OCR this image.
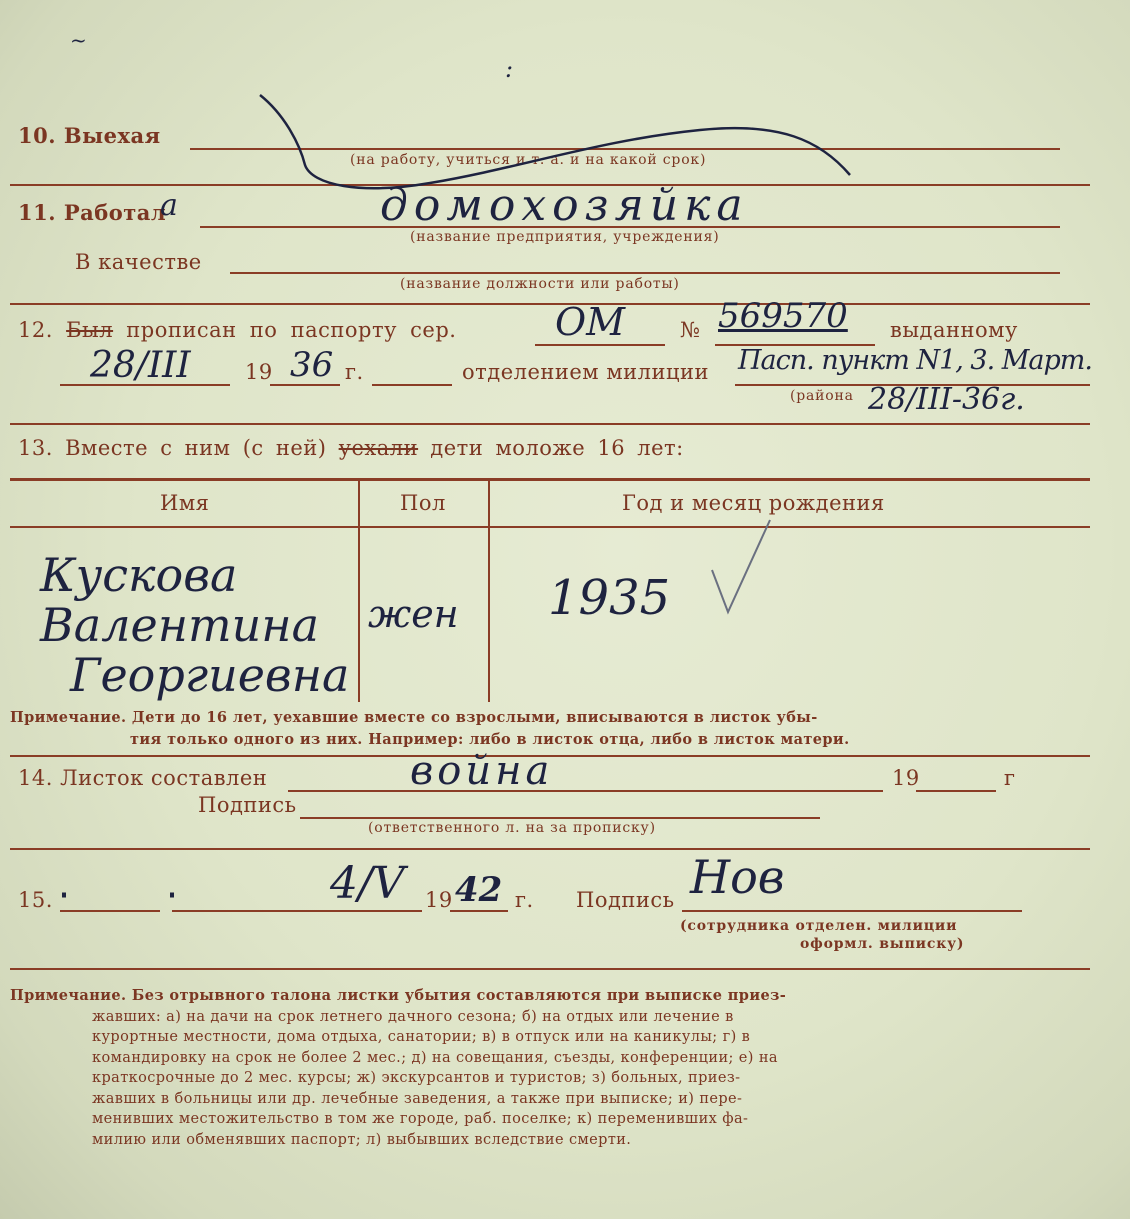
~
:
10. Выехая
(на работу, учиться и т. а. и на какой срок)
11. Работал
а	домохозяйка
(название предприятия, учреждения)
В качестве
(название должности или работы)
12. Был прописан по паспорту сер.	ОМ	№ 569570 выданному
28/III	19 36 г.	отделением милиции Пасп. пункт N1, 3. Март.
(района 28/III-36г.
13. Вместе с ним (с ней) уехали дети моложе 16 лет:
Имя	Пол	Год и месяц рождения
Кускова
Валентина
Георгиевна
жен 1935
Примечание. Дети до 16 лет, уехавшие вместе со взрослыми, вписываются в листок убы-
тия только одного из них. Например: либо в листок отца, либо в листок матери.
14. Листок составлен	война	19	г
Подпись
(ответственного л. на за прописку)
15.	4/V 19 42 г. Подпись Нов
(сотрудника отделен. милиции
оформл. выписку)
Примечание. Без отрывного талона листки убытия составляются при выписке приез-
жавших: а) на дачи на срок летнего дачного сезона; б) на отдых или лечение в
курортные местности, дома отдыха, санатории; в) в отпуск или на каникулы; г) в
командировку на срок не более 2 мес.; д) на совещания, съезды, конференции; е) на
краткосрочные до 2 мес. курсы; ж) экскурсантов и туристов; з) больных, приез-
жавших в больницы или др. лечебные заведения, а также при выписке; и) пере-
менивших местожительство в том же городе, раб. поселке; к) переменивших фа-
милию или обменявших паспорт; л) выбывших вследствие смерти.
